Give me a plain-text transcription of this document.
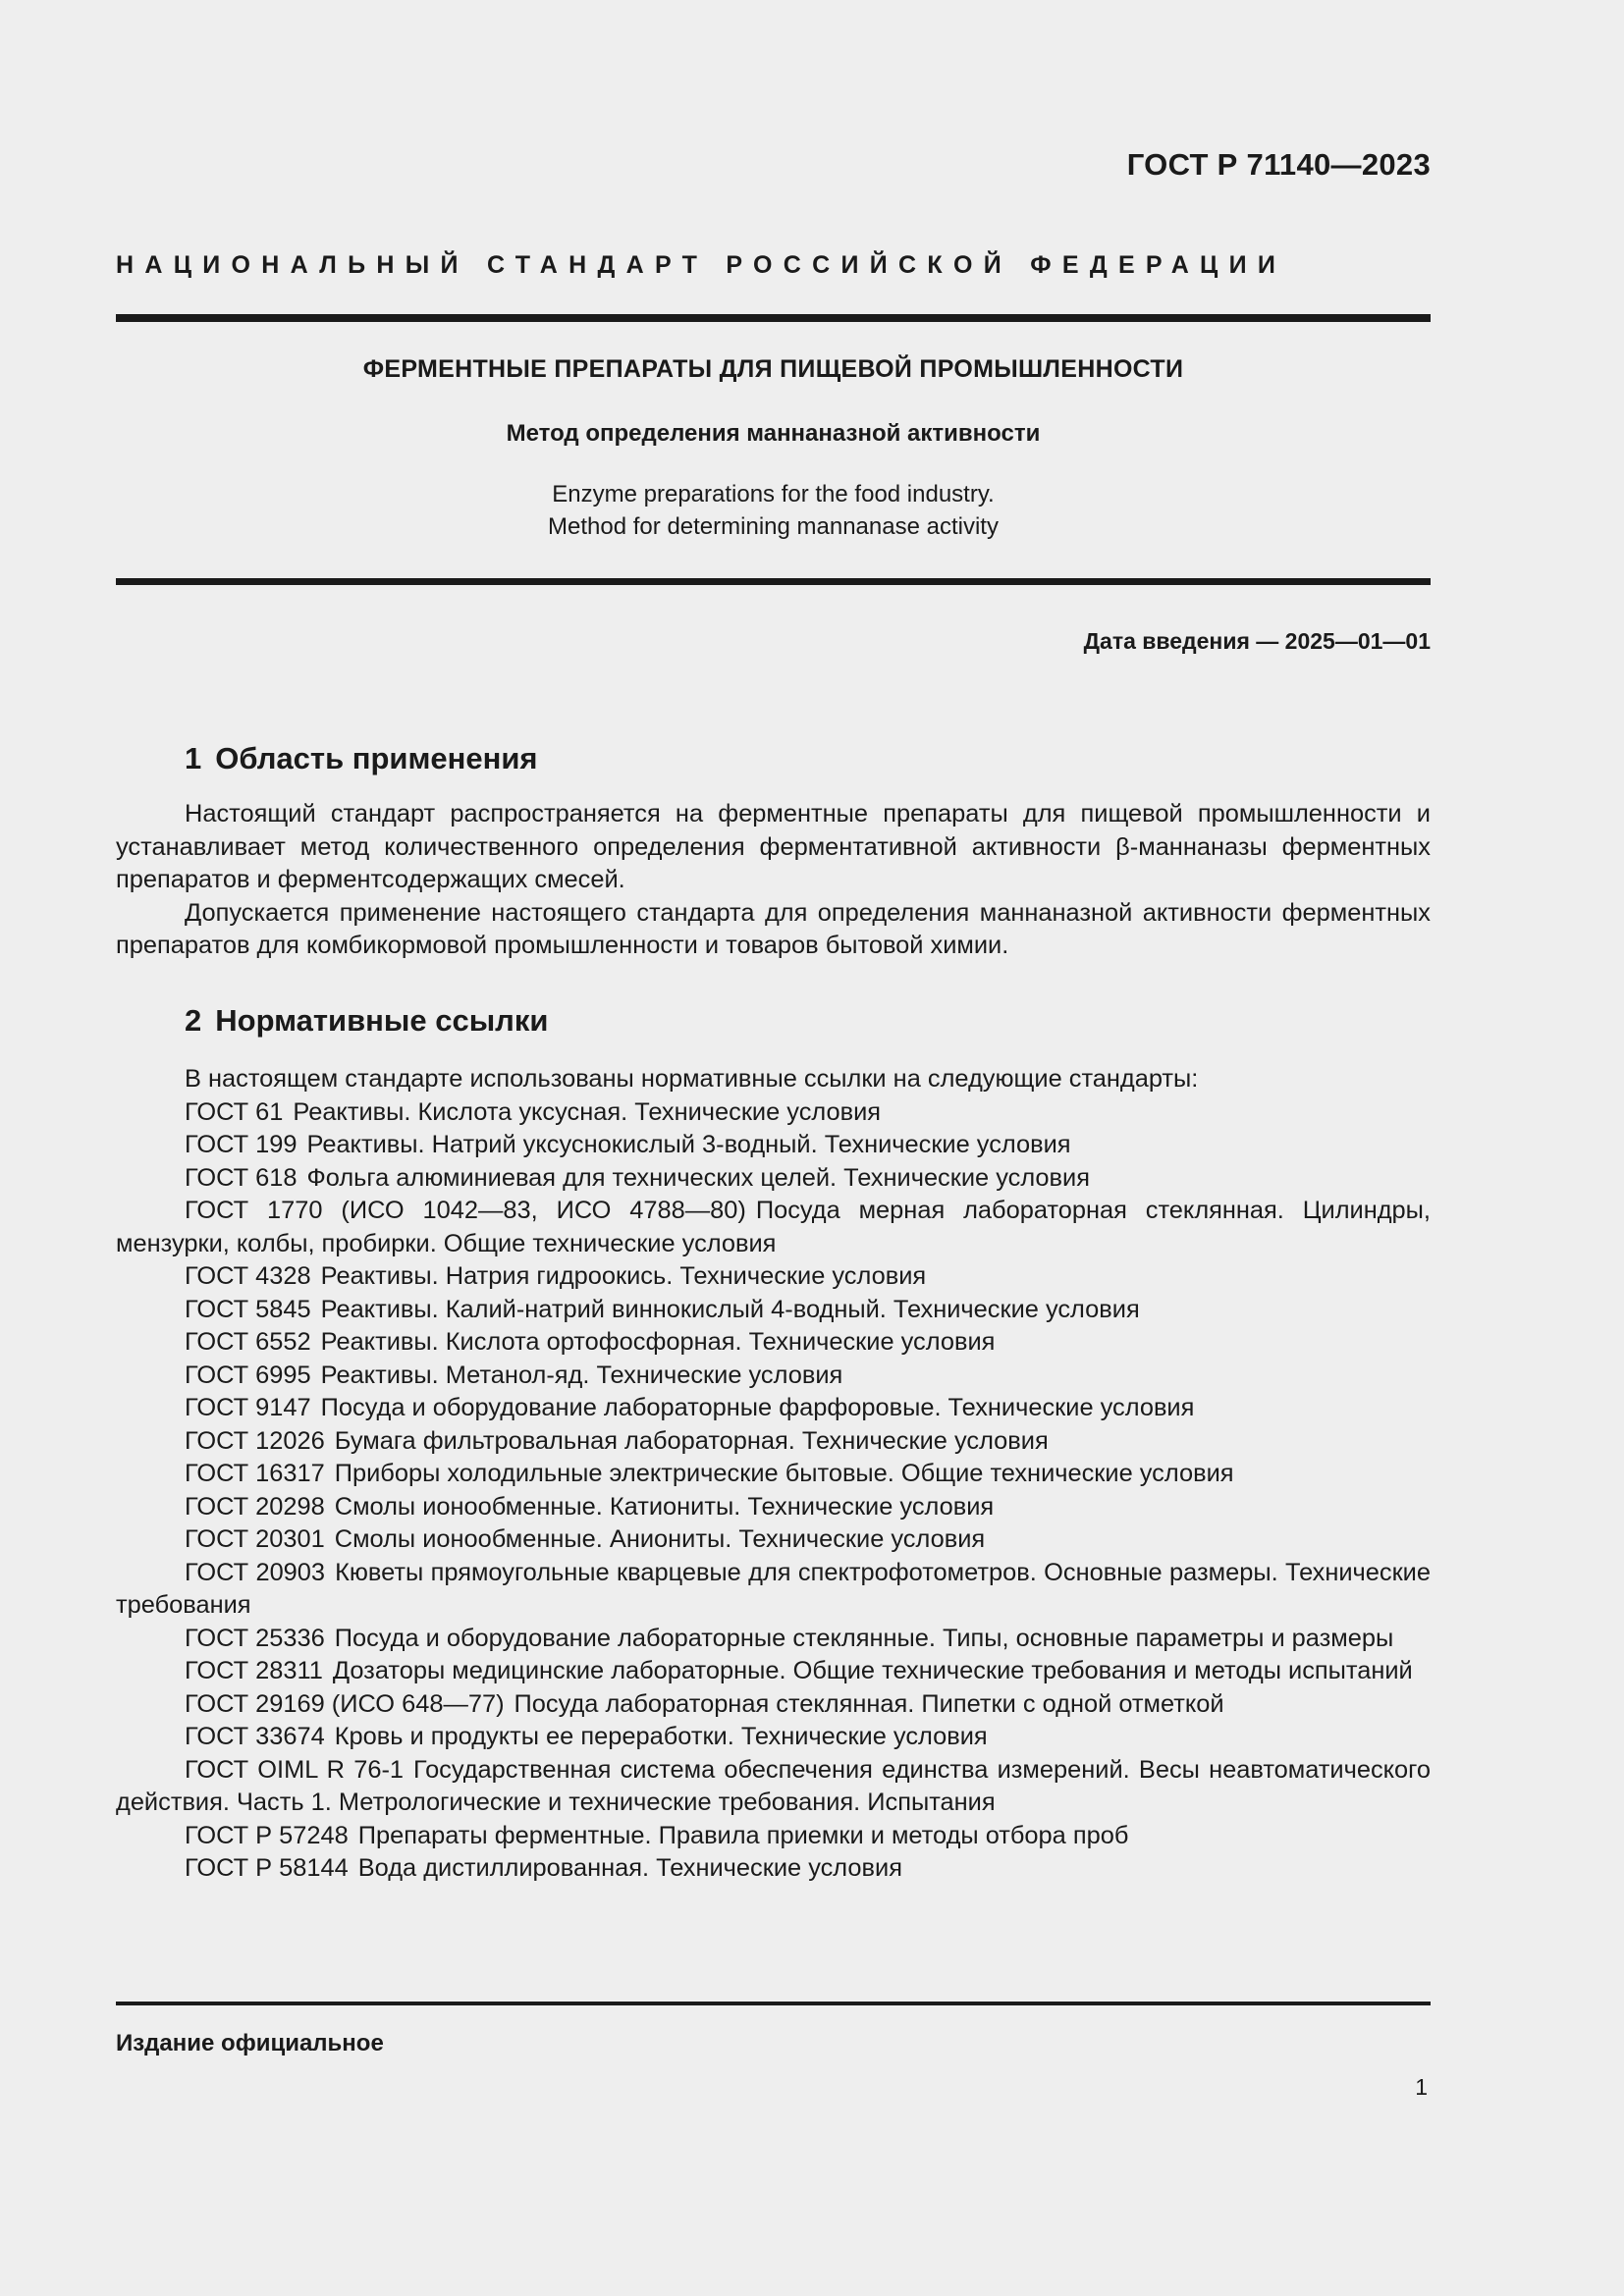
ГОСТ Р 71140—2023
НАЦИОНАЛЬНЫЙ СТАНДАРТ РОССИЙСКОЙ ФЕДЕРАЦИИ
ФЕРМЕНТНЫЕ ПРЕПАРАТЫ ДЛЯ ПИЩЕВОЙ ПРОМЫШЛЕННОСТИ
Метод определения маннаназной активности
Enzyme preparations for the food industry.
Method for determining mannanase activity
Дата введения — 2025—01—01
1 Область применения

Настоящий стандарт распространяется на ферментные препараты для пищевой промышленности и устанавливает метод количественного определения ферментативной активности β-маннаназы ферментных препаратов и ферментсодержащих смесей.

Допускается применение настоящего стандарта для определения маннаназной активности ферментных препаратов для комбикормовой промышленности и товаров бытовой химии.

2 Нормативные ссылки

В настоящем стандарте использованы нормативные ссылки на следующие стандарты:

ГОСТ 61 Реактивы. Кислота уксусная. Технические условия

ГОСТ 199 Реактивы. Натрий уксуснокислый 3-водный. Технические условия

ГОСТ 618 Фольга алюминиевая для технических целей. Технические условия

ГОСТ 1770 (ИСО 1042—83, ИСО 4788—80) Посуда мерная лабораторная стеклянная. Цилиндры, мензурки, колбы, пробирки. Общие технические условия

ГОСТ 4328 Реактивы. Натрия гидроокись. Технические условия

ГОСТ 5845 Реактивы. Калий-натрий виннокислый 4-водный. Технические условия

ГОСТ 6552 Реактивы. Кислота ортофосфорная. Технические условия

ГОСТ 6995 Реактивы. Метанол-яд. Технические условия

ГОСТ 9147 Посуда и оборудование лабораторные фарфоровые. Технические условия

ГОСТ 12026 Бумага фильтровальная лабораторная. Технические условия

ГОСТ 16317 Приборы холодильные электрические бытовые. Общие технические условия

ГОСТ 20298 Смолы ионообменные. Катиониты. Технические условия

ГОСТ 20301 Смолы ионообменные. Аниониты. Технические условия

ГОСТ 20903 Кюветы прямоугольные кварцевые для спектрофотометров. Основные размеры. Технические требования

ГОСТ 25336 Посуда и оборудование лабораторные стеклянные. Типы, основные параметры и размеры

ГОСТ 28311 Дозаторы медицинские лабораторные. Общие технические требования и методы испытаний

ГОСТ 29169 (ИСО 648—77) Посуда лабораторная стеклянная. Пипетки с одной отметкой

ГОСТ 33674 Кровь и продукты ее переработки. Технические условия

ГОСТ OIML R 76-1 Государственная система обеспечения единства измерений. Весы неавтоматического действия. Часть 1. Метрологические и технические требования. Испытания

ГОСТ Р 57248 Препараты ферментные. Правила приемки и методы отбора проб

ГОСТ Р 58144 Вода дистиллированная. Технические условия

Издание официальное
1
